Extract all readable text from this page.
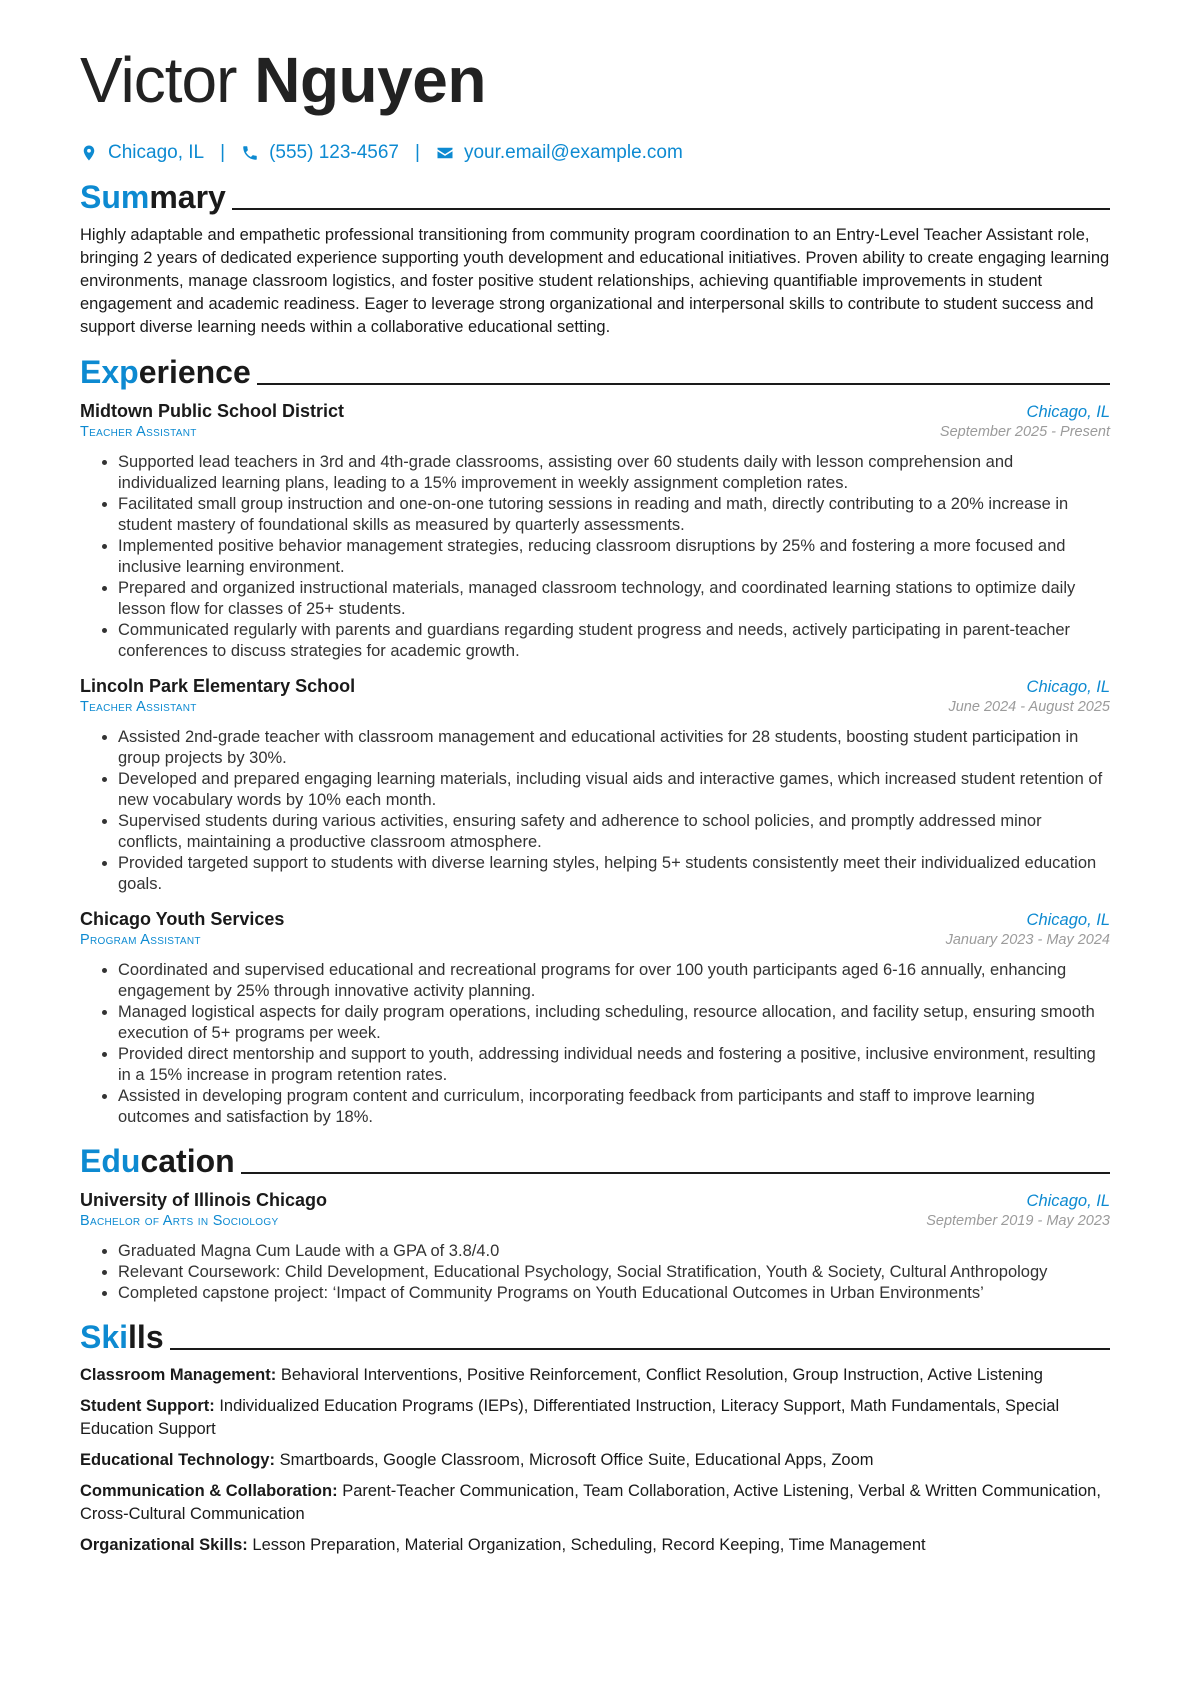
Victor Nguyen
Chicago, IL | (555) 123-4567 | your.email@example.com
Summary
Highly adaptable and empathetic professional transitioning from community program coordination to an Entry-Level Teacher Assistant role, bringing 2 years of dedicated experience supporting youth development and educational initiatives. Proven ability to create engaging learning environments, manage classroom logistics, and foster positive student relationships, achieving quantifiable improvements in student engagement and academic readiness. Eager to leverage strong organizational and interpersonal skills to contribute to student success and support diverse learning needs within a collaborative educational setting.
Experience
Midtown Public School District	Chicago, IL
Teacher Assistant	September 2025 - Present
• Supported lead teachers in 3rd and 4th-grade classrooms, assisting over 60 students daily with lesson comprehension and individualized learning plans, leading to a 15% improvement in weekly assignment completion rates.
• Facilitated small group instruction and one-on-one tutoring sessions in reading and math, directly contributing to a 20% increase in student mastery of foundational skills as measured by quarterly assessments.
• Implemented positive behavior management strategies, reducing classroom disruptions by 25% and fostering a more focused and inclusive learning environment.
• Prepared and organized instructional materials, managed classroom technology, and coordinated learning stations to optimize daily lesson flow for classes of 25+ students.
• Communicated regularly with parents and guardians regarding student progress and needs, actively participating in parent-teacher conferences to discuss strategies for academic growth.
Lincoln Park Elementary School	Chicago, IL
Teacher Assistant	June 2024 - August 2025
• Assisted 2nd-grade teacher with classroom management and educational activities for 28 students, boosting student participation in group projects by 30%.
• Developed and prepared engaging learning materials, including visual aids and interactive games, which increased student retention of new vocabulary words by 10% each month.
• Supervised students during various activities, ensuring safety and adherence to school policies, and promptly addressed minor conflicts, maintaining a productive classroom atmosphere.
• Provided targeted support to students with diverse learning styles, helping 5+ students consistently meet their individualized education goals.
Chicago Youth Services	Chicago, IL
Program Assistant	January 2023 - May 2024
• Coordinated and supervised educational and recreational programs for over 100 youth participants aged 6-16 annually, enhancing engagement by 25% through innovative activity planning.
• Managed logistical aspects for daily program operations, including scheduling, resource allocation, and facility setup, ensuring smooth execution of 5+ programs per week.
• Provided direct mentorship and support to youth, addressing individual needs and fostering a positive, inclusive environment, resulting in a 15% increase in program retention rates.
• Assisted in developing program content and curriculum, incorporating feedback from participants and staff to improve learning outcomes and satisfaction by 18%.
Education
University of Illinois Chicago	Chicago, IL
Bachelor of Arts in Sociology	September 2019 - May 2023
• Graduated Magna Cum Laude with a GPA of 3.8/4.0
• Relevant Coursework: Child Development, Educational Psychology, Social Stratification, Youth & Society, Cultural Anthropology
• Completed capstone project: ‘Impact of Community Programs on Youth Educational Outcomes in Urban Environments’
Skills
Classroom Management: Behavioral Interventions, Positive Reinforcement, Conflict Resolution, Group Instruction, Active Listening
Student Support: Individualized Education Programs (IEPs), Differentiated Instruction, Literacy Support, Math Fundamentals, Special Education Support
Educational Technology: Smartboards, Google Classroom, Microsoft Office Suite, Educational Apps, Zoom
Communication & Collaboration: Parent-Teacher Communication, Team Collaboration, Active Listening, Verbal & Written Communication, Cross-Cultural Communication
Organizational Skills: Lesson Preparation, Material Organization, Scheduling, Record Keeping, Time Management
